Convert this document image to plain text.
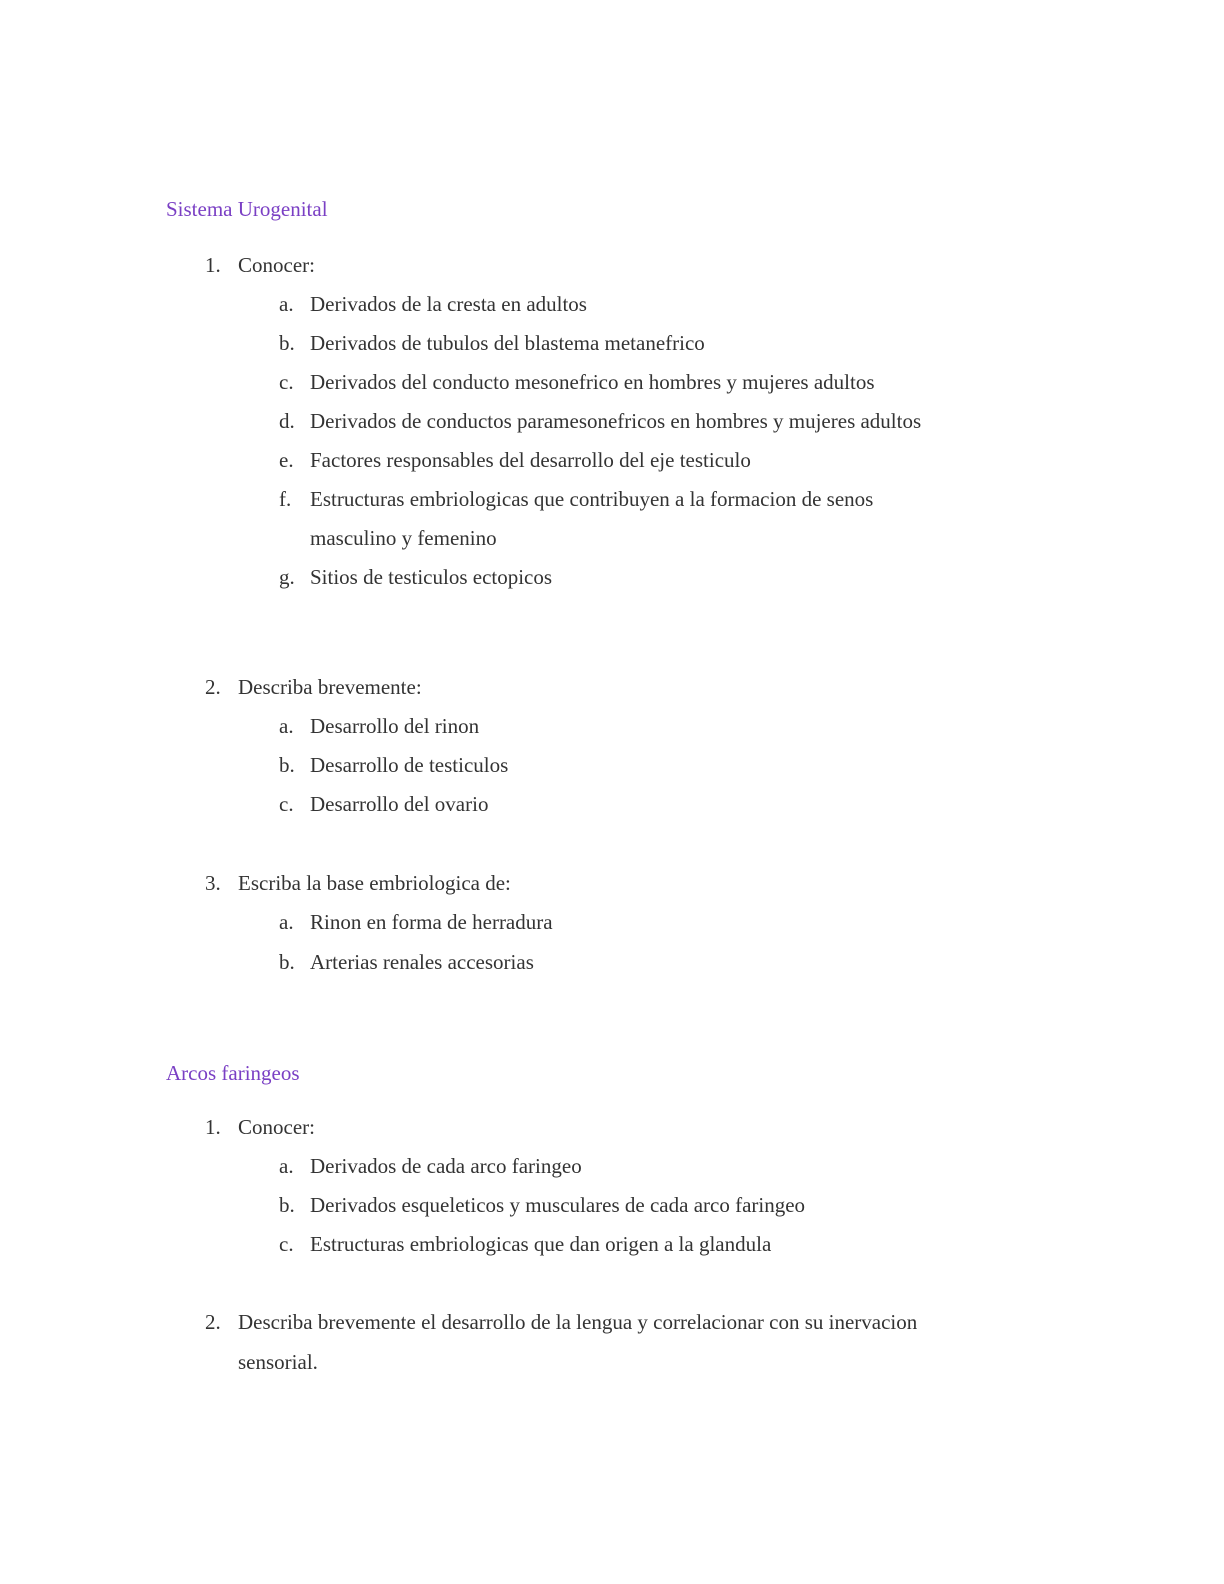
Sistema Urogenital
1. Conocer:
a. Derivados de la cresta en adultos
b. Derivados de tubulos del blastema metanefrico
c. Derivados del conducto mesonefrico en hombres y mujeres adultos
d. Derivados de conductos paramesonefricos en hombres y mujeres adultos
e. Factores responsables del desarrollo del eje testiculo
f. Estructuras embriologicas que contribuyen a la formacion de senos
masculino y femenino
g. Sitios de testiculos ectopicos
2. Describa brevemente:
a. Desarrollo del rinon
b. Desarrollo de testiculos
c. Desarrollo del ovario
3. Escriba la base embriologica de:
a. Rinon en forma de herradura
b. Arterias renales accesorias
Arcos faringeos
1. Conocer:
a. Derivados de cada arco faringeo
b. Derivados esqueleticos y musculares de cada arco faringeo
c. Estructuras embriologicas que dan origen a la glandula
2. Describa brevemente el desarrollo de la lengua y correlacionar con su inervacion
sensorial.
